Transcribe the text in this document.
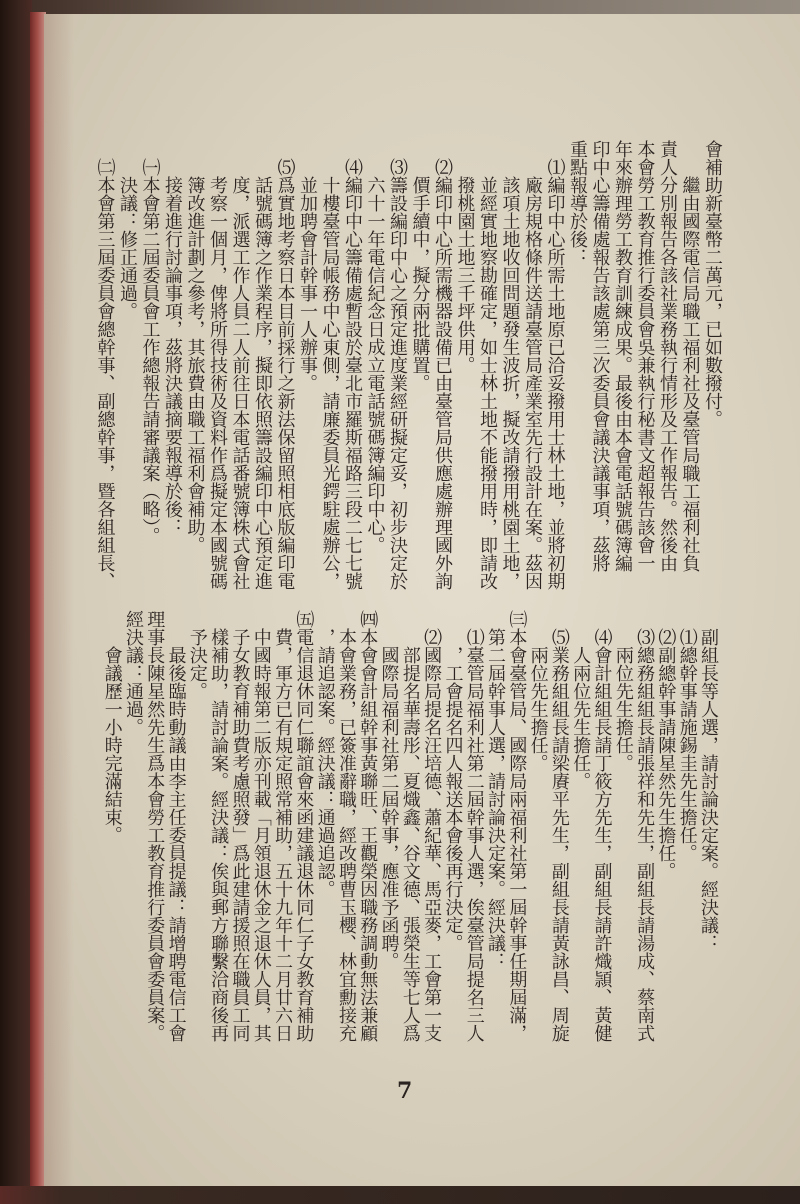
會補助新臺幣二萬元，已如數撥付。
繼由國際電信局職工福利社及臺管局職工福利社負
責人分別報告各該社業務執行情形及工作報告。然後由
本會勞工教育推行委員會吳兼執行秘書文超報告該會一
年來辦理勞工教育訓練成果。最後由本會電話號碼簿編
印中心籌備處報告該處第三次委員會議決議事項，茲將
重點報導於後：
⑴編印中心所需土地原已洽妥撥用士林土地，並將初期
廠房規格條件送請臺管局產業室先行設計在案。茲因
該項土地收回問題發生波折，擬改請撥用桃園土地，
並經實地察勘確定，如士林土地不能撥用時，即請改
撥桃園土地三千坪供用。
⑵編印中心所需機器設備已由臺管局供應處辦理國外詢
價手續中，擬分兩批購置。
⑶籌設編印中心之預定進度業經研擬定妥，初步決定於
六十一年電信紀念日成立電話號碼簿編印中心。
⑷編印中心籌備處暫設於臺北市羅斯福路三段二七七號
十樓臺管局帳務中心東側，請廉委員光鍔駐處辦公，
並加聘會計幹事一人辦事。
⑸爲實地考察日本目前採行之新法保留照相底版編印電
話號碼簿之作業程序，擬即依照籌設編印中心預定進
度，派選工作人員二人前往日本電話番號簿株式會社
考察一個月，俾將所得技術及資料作爲擬定本國號碼
簿改進計劃之參考，其旅費由職工福利會補助。
接着進行討論事項，茲將決議摘要報導於後：
㈠本會第二屆委員會工作總報告請審議案（略）。
決議：修正通過。
㈡本會第三屆委員會總幹事、副總幹事，暨各組組長、
副組長等人選，請討論決定案。經決議：
⑴總幹事請施錫圭先生擔任。
⑵副總幹事請陳星然先生擔任。
⑶總務組組長請張祥和先生，副組長請湯成、蔡南式
兩位先生擔任。
⑷會計組組長請丁筱方先生，副組長請許熾頴、黃健
人兩位先生擔任。
⑸業務組組長請梁賡平先生，副組長請黃詠昌、周旋
兩位先生擔任。
㈢本會臺管局、國際局兩福利社第一屆幹事任期屆滿，
第二屆幹事人選，請討論決定案。經決議：
⑴臺管局福利社第二屆幹事人選，俟臺管局提名三人
，工會提名四人報送本會後再行決定。
⑵國際局提名汪培德、蕭紀華、馬亞麥，工會第一支
部提名華壽彤、夏熾鑫、谷文德、張榮生等七人爲
國際局福利社第二屆幹事，應准予函聘。
㈣本會會計組幹事黃聯旺、王觀榮因職務調動無法兼顧
本會業務，已簽准辭職，經改聘曹玉櫻、林宜勳接充
，請追認案。經決議：通過追認。
㈤電信退休同仁聯誼會來函建議退休同仁子女教育補助
費，軍方已有規定照常補助，五十九年十二月廿六日
中國時報第二版亦刊載「月領退休金之退休人員，其
子女教育補助費考慮照發」爲此建請援照在職員工同
樣補助，請討論案。經決議：俟與郵方聯繫洽商後再
予決定。
最後臨時動議由李主任委員提議：請增聘電信工會
理事長陳星然先生爲本會勞工教育推行委員會委員案。
經決議：通過。
會議歷一小時完滿結束。
7
